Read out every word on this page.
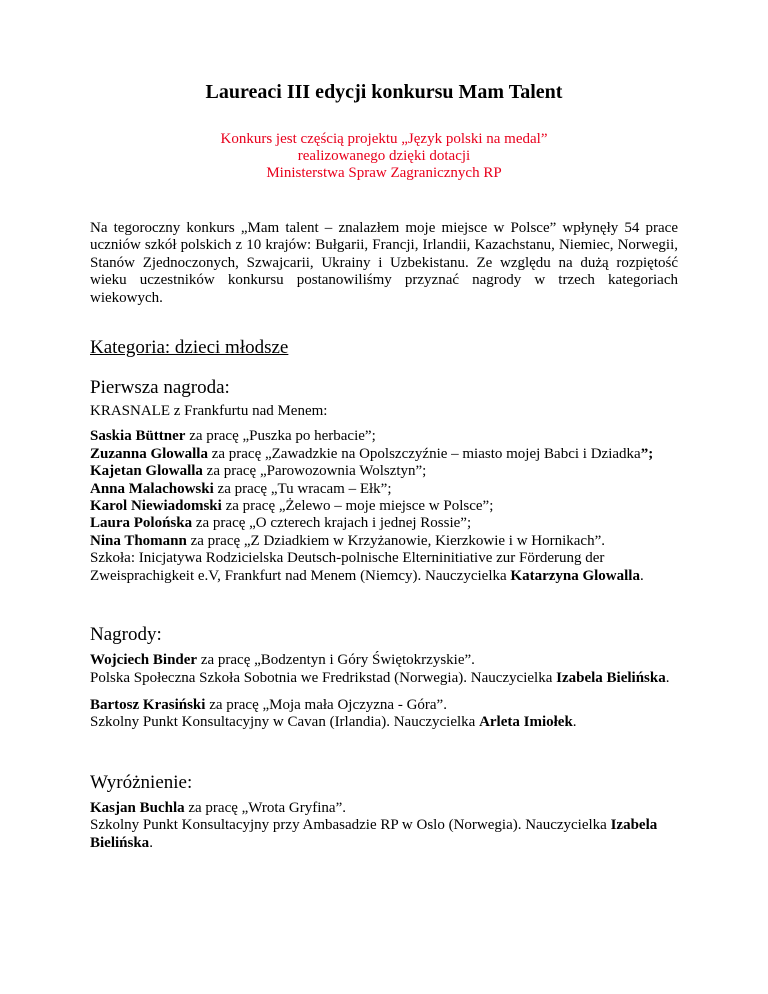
Laureaci III edycji konkursu Mam Talent
Konkurs jest częścią projektu „Język polski na medal”
realizowanego dzięki dotacji
Ministerstwa Spraw Zagranicznych RP
Na tegoroczny konkurs „Mam talent – znalazłem moje miejsce w Polsce” wpłynęły 54 prace uczniów szkół polskich z 10 krajów: Bułgarii, Francji, Irlandii, Kazachstanu, Niemiec, Norwegii, Stanów Zjednoczonych, Szwajcarii, Ukrainy i Uzbekistanu. Ze względu na dużą rozpiętość wieku uczestników konkursu postanowiliśmy przyznać nagrody w trzech kategoriach wiekowych.
Kategoria: dzieci młodsze
Pierwsza nagroda:
KRASNALE z Frankfurtu nad Menem:
Saskia Büttner za pracę „Puszka po herbacie”;
Zuzanna Glowalla za pracę „Zawadzkie na Opolszczyźnie – miasto mojej Babci i Dziadka”;
Kajetan Glowalla za pracę „Parowozownia Wolsztyn”;
Anna Malachowski za pracę „Tu wracam – Ełk”;
Karol Niewiadomski za pracę „Żelewo – moje miejsce w Polsce”;
Laura Polońska za pracę „O czterech krajach i jednej Rossie”;
Nina Thomann za pracę „Z Dziadkiem w Krzyżanowie, Kierzkowie i w Hornikach”.
Szkoła: Inicjatywa Rodzicielska Deutsch-polnische Elterninitiative zur Förderung der Zweisprachigkeit e.V, Frankfurt nad Menem (Niemcy). Nauczycielka Katarzyna Glowalla.
Nagrody:
Wojciech Binder za pracę „Bodzentyn i Góry Świętokrzyskie”.
Polska Społeczna Szkoła Sobotnia we Fredrikstad (Norwegia). Nauczycielka Izabela Bielińska.
Bartosz Krasiński za pracę „Moja mała Ojczyzna - Góra”.
Szkolny Punkt Konsultacyjny w Cavan (Irlandia). Nauczycielka Arleta Imiołek.
Wyróżnienie:
Kasjan Buchla za pracę „Wrota Gryfina”.
Szkolny Punkt Konsultacyjny przy Ambasadzie RP w Oslo (Norwegia). Nauczycielka Izabela Bielińska.
